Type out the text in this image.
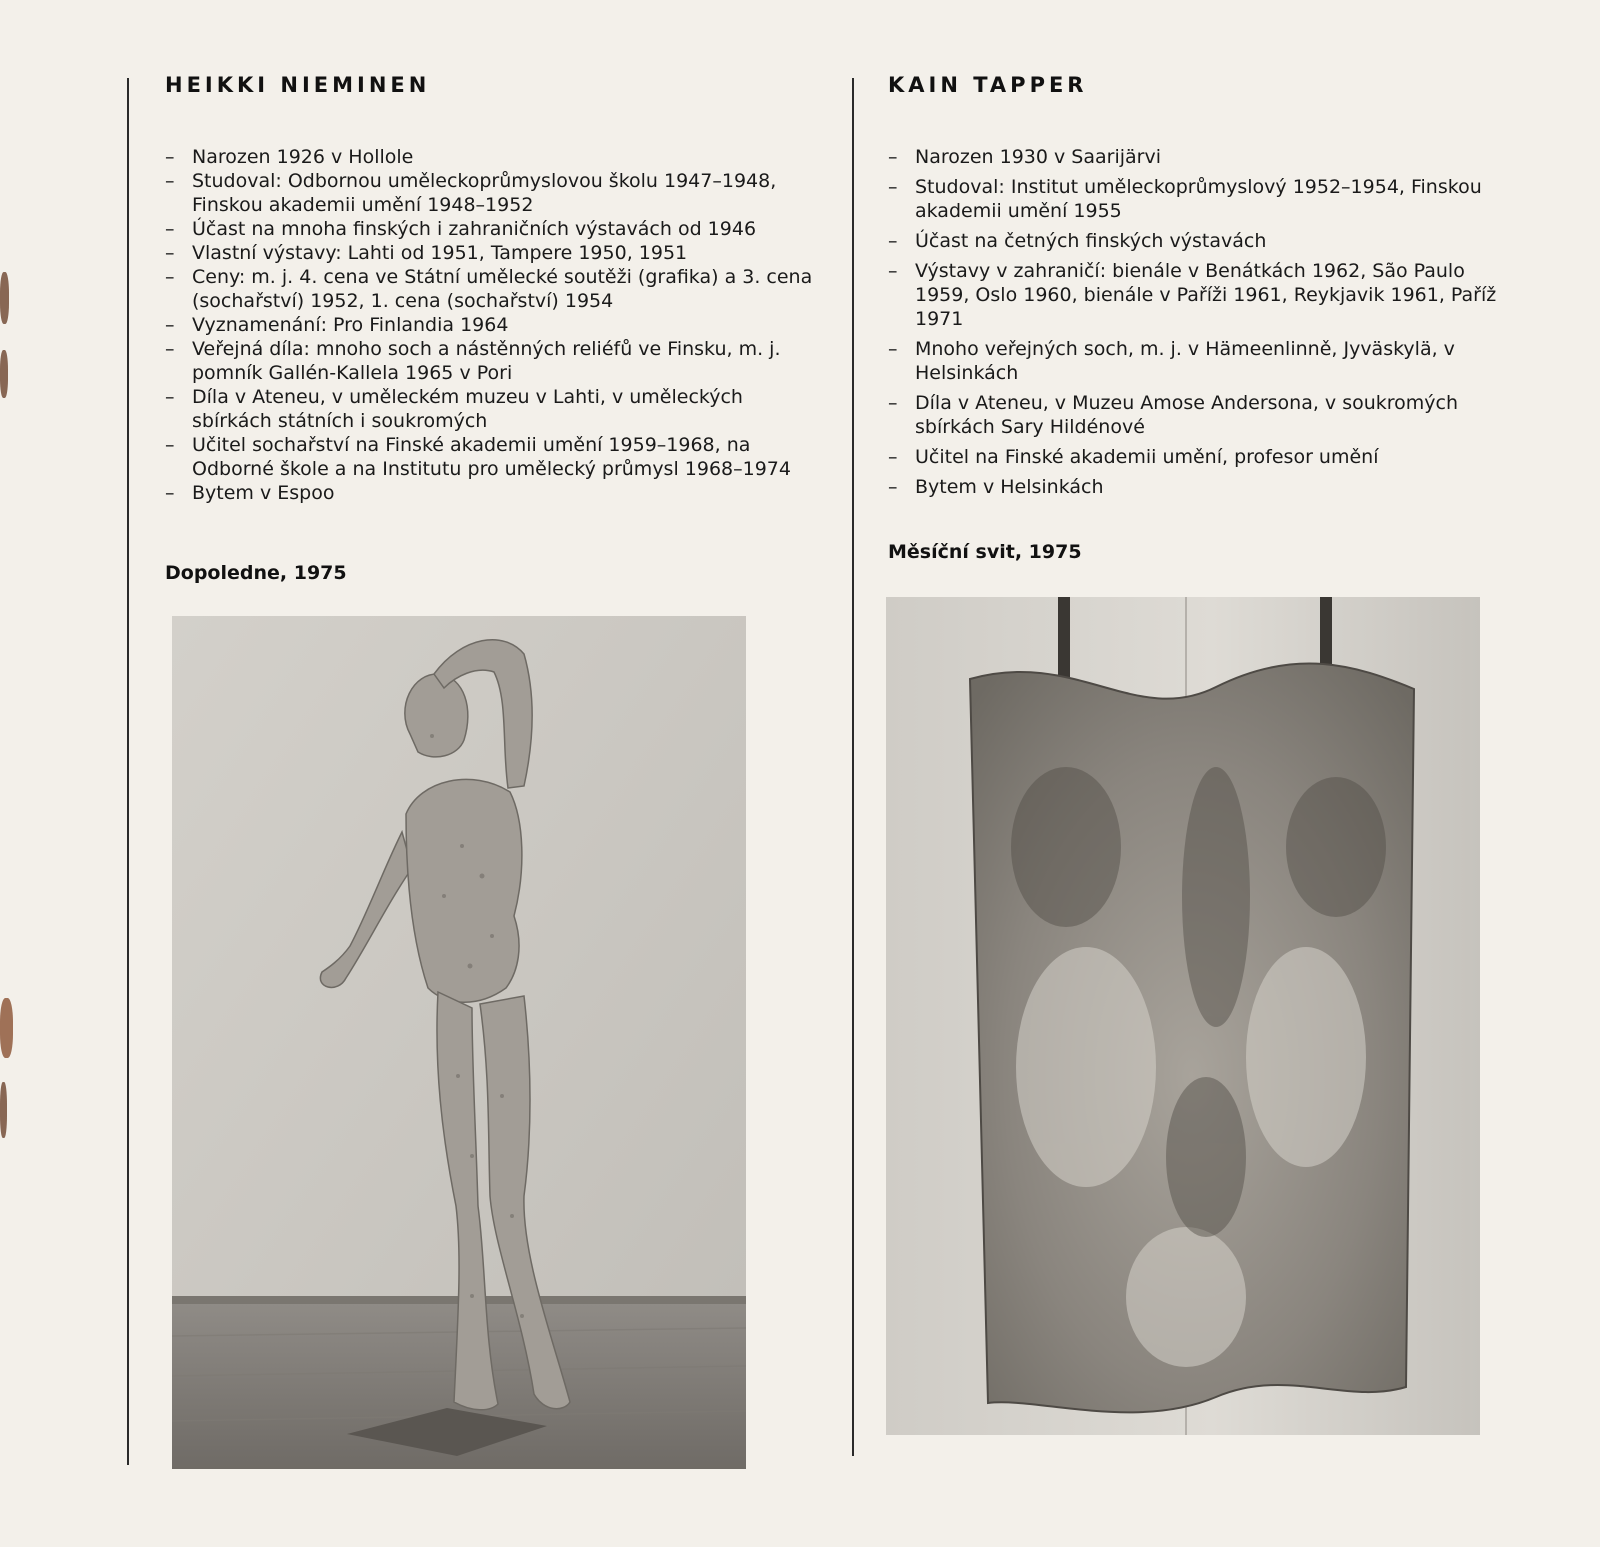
HEIKKI NIEMINEN
– Narozen 1926 v Hollole
– Studoval: Odbornou uměleckoprůmyslovou školu 1947–1948, Finskou akademii umění 1948–1952
– Účast na mnoha finských i zahraničních výstavách od 1946
– Vlastní výstavy: Lahti od 1951, Tampere 1950, 1951
– Ceny: m. j. 4. cena ve Státní umělecké soutěži (grafika) a 3. cena (sochařství) 1952, 1. cena (sochařství) 1954
– Vyznamenání: Pro Finlandia 1964
– Veřejná díla: mnoho soch a nástěnných reliéfů ve Finsku, m. j. pomník Gallén-Kallela 1965 v Pori
– Díla v Ateneu, v uměleckém muzeu v Lahti, v uměleckých sbírkách státních i soukromých
– Učitel sochařství na Finské akademii umění 1959–1968, na Odborné škole a na Institutu pro umělecký průmysl 1968–1974
– Bytem v Espoo

Dopoledne, 1975

KAIN TAPPER
– Narozen 1930 v Saarijärvi
– Studoval: Institut uměleckoprůmyslový 1952–1954, Finskou akademii umění 1955
– Účast na četných finských výstavách
– Výstavy v zahraničí: bienále v Benátkách 1962, São Paulo 1959, Oslo 1960, bienále v Paříži 1961, Reykjavik 1961, Paříž 1971
– Mnoho veřejných soch, m. j. v Hämeenlinně, Jyväskylä, v Helsinkách
– Díla v Ateneu, v Muzeu Amose Andersona, v soukromých sbírkách Sary Hildénové
– Učitel na Finské akademii umění, profesor umění
– Bytem v Helsinkách

Měsíční svit, 1975
